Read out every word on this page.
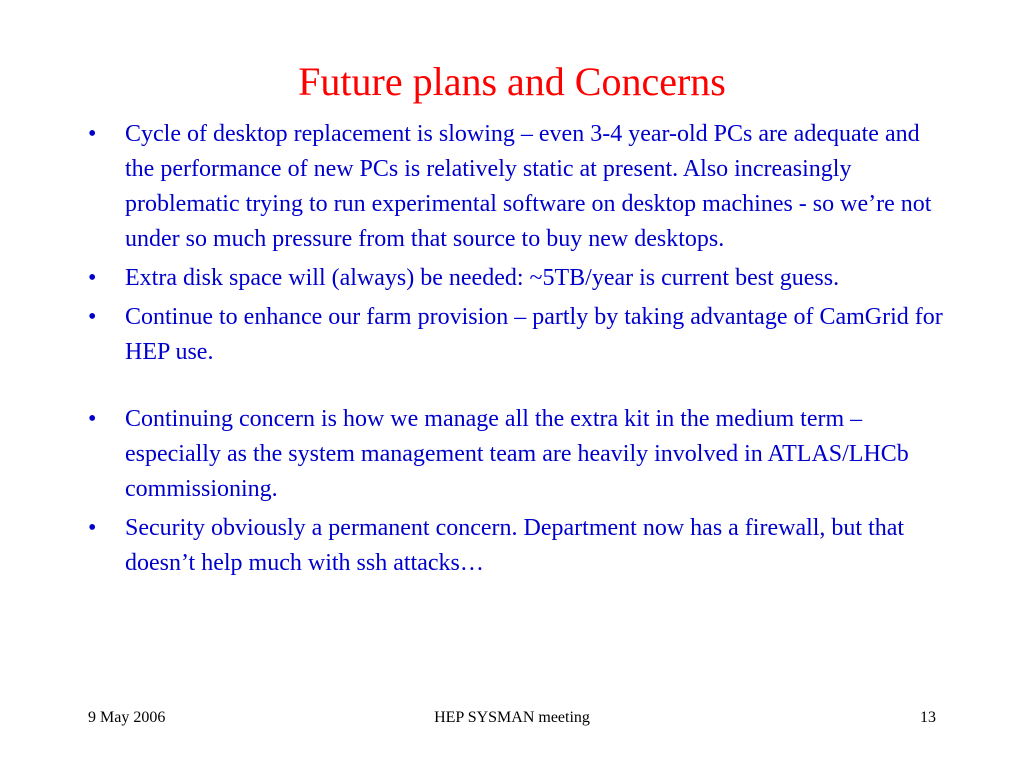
Future plans and Concerns
•	Cycle of desktop replacement is slowing – even 3-4 year-old PCs are adequate and the performance of new PCs is relatively static at present. Also increasingly problematic trying to run experimental software on desktop machines - so we’re not under so much pressure from that source to buy new desktops.
•	Extra disk space will (always) be needed: ~5TB/year is current best guess.
•	Continue to enhance our farm provision – partly by taking advantage of CamGrid for HEP use.
•	Continuing concern is how we manage all the extra kit in the medium term – especially as the system management team are heavily involved in ATLAS/LHCb commissioning.
•	Security obviously a permanent concern. Department now has a firewall, but that doesn’t help much with ssh attacks…
9 May 2006	HEP SYSMAN meeting	13
